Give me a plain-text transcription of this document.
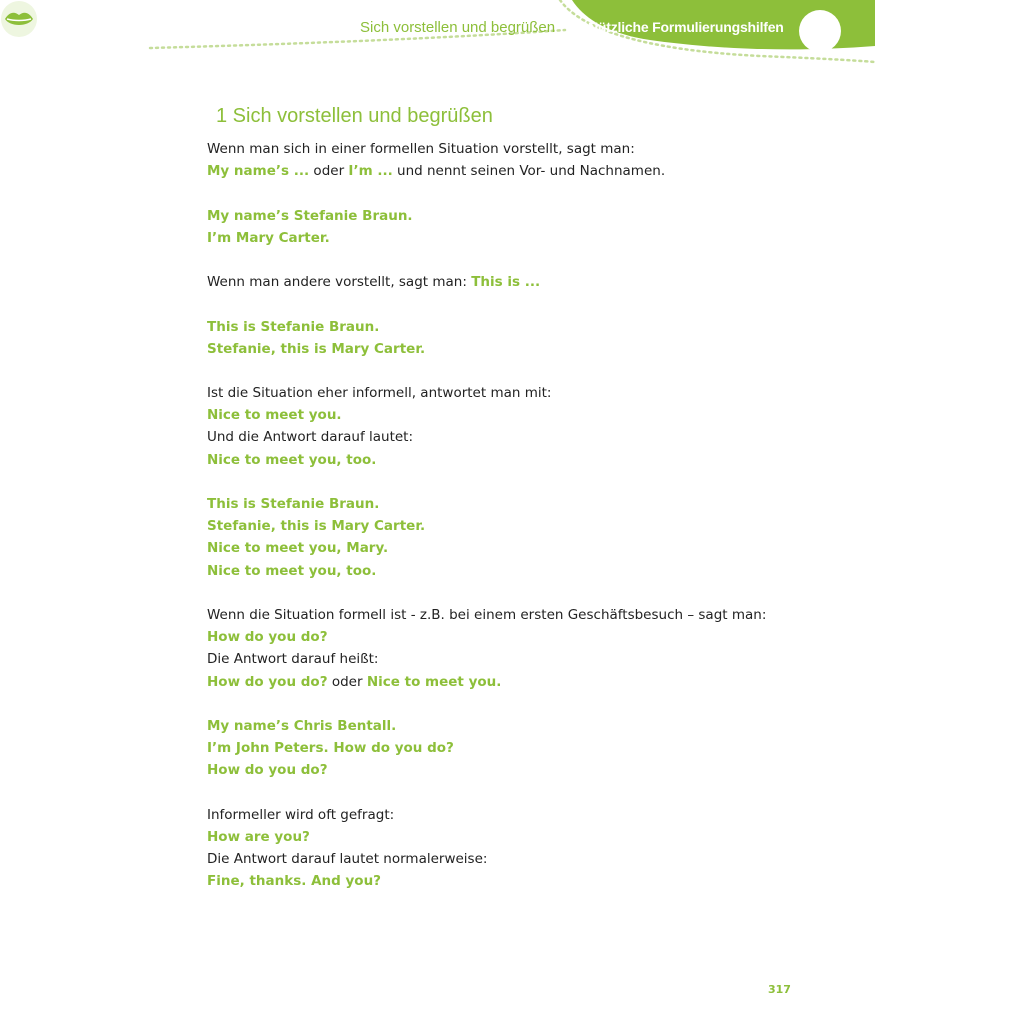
Sich vorstellen und begrüßen Nützliche Formulierungshilfen
1 Sich vorstellen und begrüßen
Wenn man sich in einer formellen Situation vorstellt, sagt man:
My name’s ... oder I’m ... und nennt seinen Vor- und Nachnamen.
My name’s Stefanie Braun.
I’m Mary Carter.
Wenn man andere vorstellt, sagt man: This is ...
This is Stefanie Braun.
Stefanie, this is Mary Carter.
Ist die Situation eher informell, antwortet man mit:
Nice to meet you.
Und die Antwort darauf lautet:
Nice to meet you, too.
This is Stefanie Braun.
Stefanie, this is Mary Carter.
Nice to meet you, Mary.
Nice to meet you, too.
Wenn die Situation formell ist - z.B. bei einem ersten Geschäftsbesuch – sagt man:
How do you do?
Die Antwort darauf heißt:
How do you do? oder Nice to meet you.
My name’s Chris Bentall.
I’m John Peters. How do you do?
How do you do?
Informeller wird oft gefragt:
How are you?
Die Antwort darauf lautet normalerweise:
Fine, thanks. And you?
317
